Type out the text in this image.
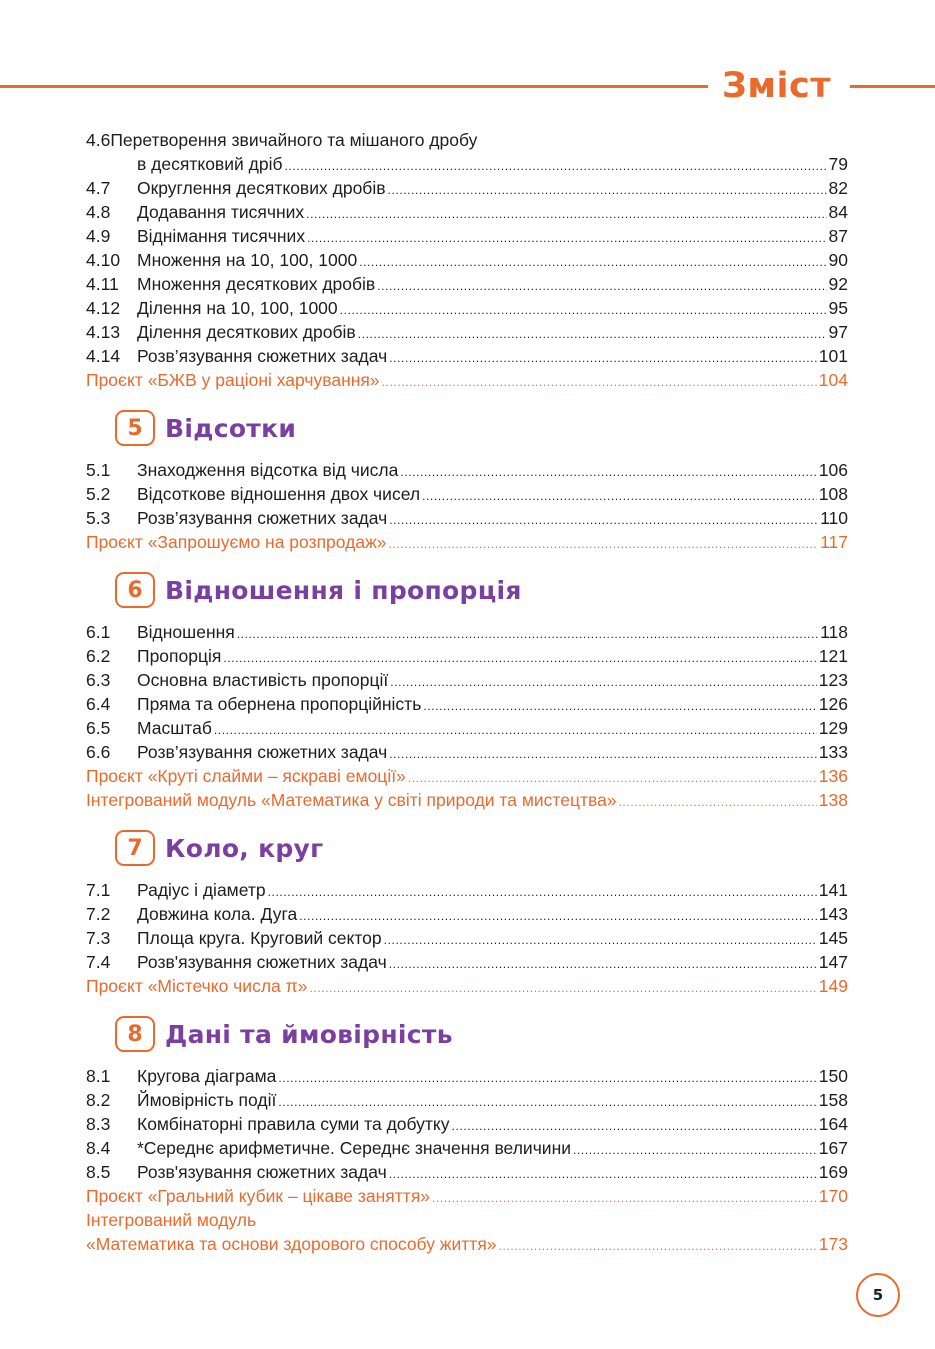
Зміст
4.6Перетворення звичайного та мішаного дробу
в десятковий дріб .....	79
4.7	Округлення десяткових дробів .....	82
4.8	Додавання тисячних .....	84
4.9	Віднімання тисячних .....	87
4.10 Множення на 10, 100, 1000 .....	90
4.11	Множення десяткових дробів .....	92
4.12 Ділення на 10, 100, 1000 .....	95
4.13 Ділення десяткових дробів .....	97
4.14 Розв’язування сюжетних задач .....	101
Проєкт «БЖВ у раціоні харчування» .....	104
5 Відсотки
5.1	Знаходження відсотка від числа .....	106
5.2	Відсоткове відношення двох чисел .....	108
5.3	Розв’язування сюжетних задач .....	110
Проєкт «Запрошуємо на розпродаж» .....	117
6 Відношення і пропорція
6.1	Відношення .....	118
6.2	Пропорція .....	121
6.3	Основна властивість пропорції .....	123
6.4	Пряма та обернена пропорційність .....	126
6.5	Масштаб .....	129
6.6	Розв’язування сюжетних задач .....	133
Проєкт «Круті слайми – яскраві емоції» .....	136
Інтегрований модуль «Математика у світі природи та мистецтва» .....	138
7 Коло, круг
7.1	Радіус і діаметр .....	141
7.2	Довжина кола. Дуга .....	143
7.3	Площа круга. Круговий сектор .....	145
7.4	Розв'язування сюжетних задач .....	147
Проєкт «Містечко числа π» .....	149
8 Дані та ймовірність
8.1	Кругова діаграма .....	150
8.2	Ймовірність події .....	158
8.3	Комбінаторні правила суми та добутку .....	164
8.4	*Середнє арифметичне. Середнє значення величини .....	167
8.5	Розв'язування сюжетних задач .....	169
Проєкт «Гральний кубик – цікаве заняття» .....	170
Інтегрований модуль
«Математика та основи здорового способу життя» .....	173
5
